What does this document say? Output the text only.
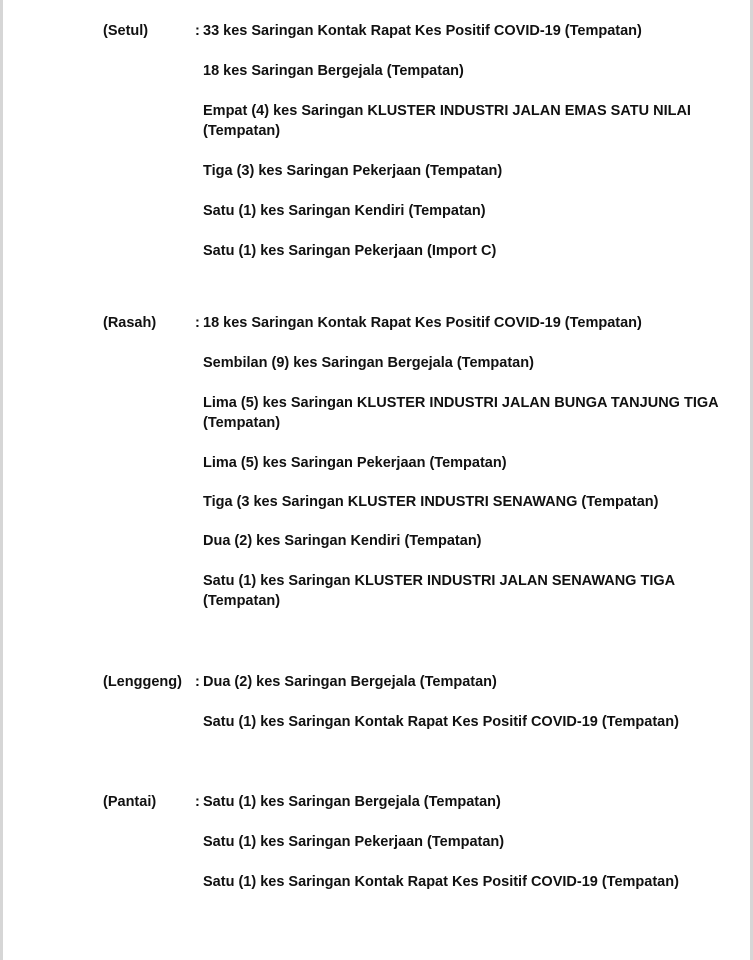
(Setul)	: 33 kes Saringan Kontak Rapat Kes Positif COVID-19 (Tempatan)
18 kes Saringan Bergejala (Tempatan)
Empat (4) kes Saringan KLUSTER INDUSTRI JALAN EMAS SATU NILAI (Tempatan)
Tiga (3) kes Saringan Pekerjaan (Tempatan)
Satu (1) kes Saringan Kendiri (Tempatan)
Satu (1) kes Saringan Pekerjaan (Import C)
(Rasah)	: 18 kes Saringan Kontak Rapat Kes Positif COVID-19 (Tempatan)
Sembilan (9) kes Saringan Bergejala (Tempatan)
Lima (5) kes Saringan KLUSTER INDUSTRI JALAN BUNGA TANJUNG TIGA (Tempatan)
Lima (5) kes Saringan Pekerjaan (Tempatan)
Tiga (3 kes Saringan KLUSTER INDUSTRI SENAWANG (Tempatan)
Dua (2) kes Saringan Kendiri (Tempatan)
Satu (1) kes Saringan KLUSTER INDUSTRI JALAN SENAWANG TIGA (Tempatan)
(Lenggeng) : Dua (2) kes Saringan Bergejala (Tempatan)
Satu (1) kes Saringan Kontak Rapat Kes Positif COVID-19 (Tempatan)
(Pantai)	: Satu (1) kes Saringan Bergejala (Tempatan)
Satu (1) kes Saringan Pekerjaan (Tempatan)
Satu (1) kes Saringan Kontak Rapat Kes Positif COVID-19 (Tempatan)
